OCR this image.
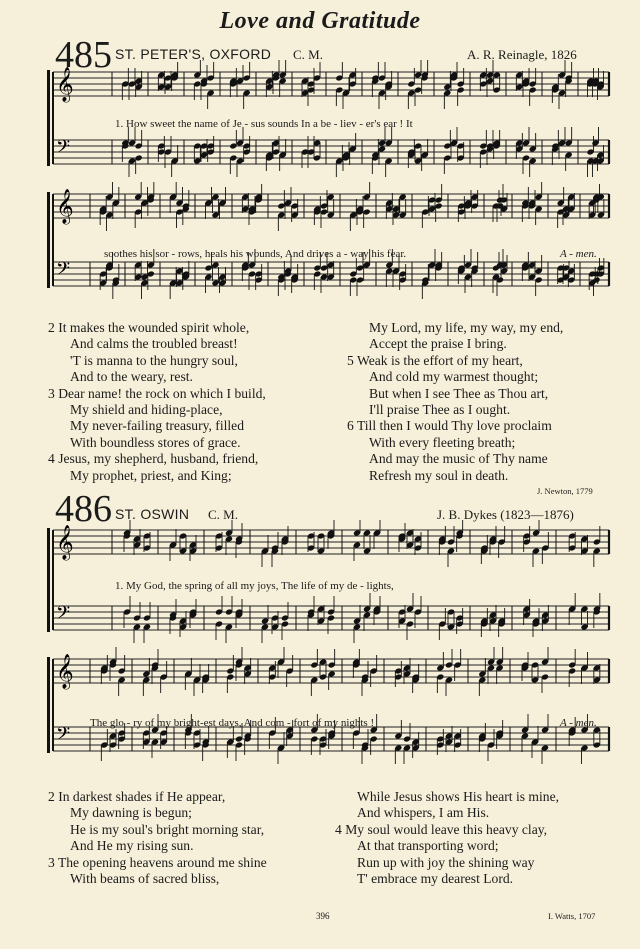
Love and Gratitude
485 ST. PETER'S, OXFORD C. M.	A. R. Reinagle, 1826
𝄞
𝄢
1. How sweet the name of Je - sus sounds In a be - liev - er's ear ! It
𝄞
𝄢
soothes his sor - rows, heals his wounds, And drives a - way his fear.	A - men.
2 It makes the wounded spirit whole,
And calms the troubled breast!
'T is manna to the hungry soul,
And to the weary, rest.
3 Dear name! the rock on which I build,
My shield and hiding-place,
My never-failing treasury, filled
With boundless stores of grace.
4 Jesus, my shepherd, husband, friend,
My prophet, priest, and King;
My Lord, my life, my way, my end,
Accept the praise I bring.
5 Weak is the effort of my heart,
And cold my warmest thought;
But when I see Thee as Thou art,
I'll praise Thee as I ought.
6 Till then I would Thy love proclaim
With every fleeting breath;
And may the music of Thy name
Refresh my soul in death.
J. Newton, 1779
486 ST. OSWIN C. M.	J. B. Dykes (1823—1876)
𝄞
𝄢
1. My God, the spring of all my joys, The life of my de - lights,
𝄞
𝄢
The glo - ry of my bright-est days, And com - fort of my nights !	A - men.
2 In darkest shades if He appear,
My dawning is begun;
He is my soul's bright morning star,
And He my rising sun.
3 The opening heavens around me shine
With beams of sacred bliss,
While Jesus shows His heart is mine,
And whispers, I am His.
4 My soul would leave this heavy clay,
At that transporting word;
Run up with joy the shining way
T' embrace my dearest Lord.
396	I. Watts, 1707
